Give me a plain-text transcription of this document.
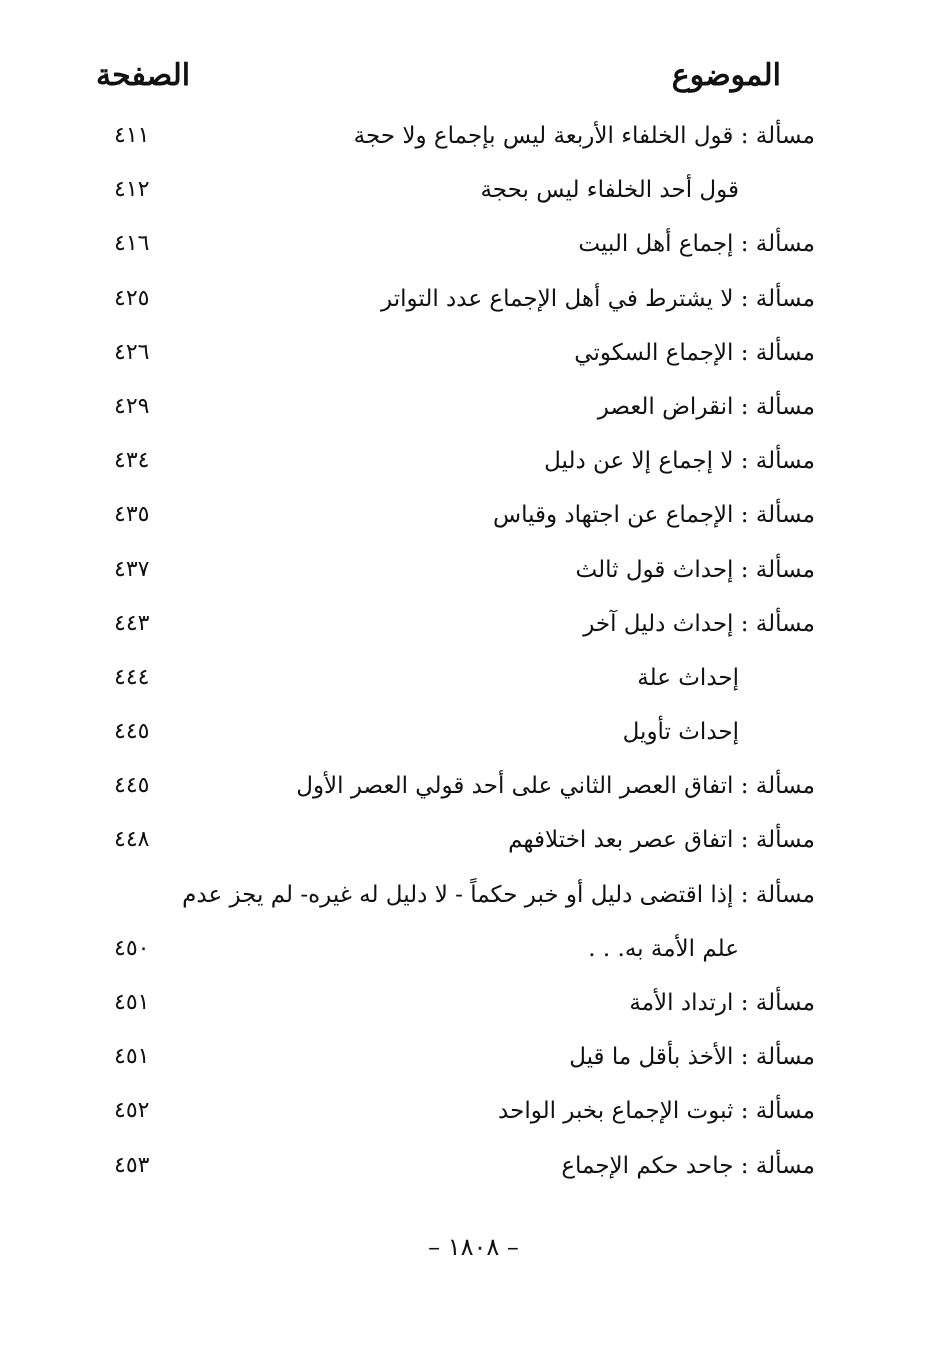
الموضوع
الصفحة
مسألة : قول الخلفاء الأربعة ليس بإجماع ولا حجة
٤١١
قول أحد الخلفاء ليس بحجة
٤١٢
مسألة : إجماع أهل البيت
٤١٦
مسألة : لا يشترط في أهل الإجماع عدد التواتر
٤٢٥
مسألة : الإجماع السكوتي
٤٢٦
مسألة : انقراض العصر
٤٢٩
مسألة : لا إجماع إلا عن دليل
٤٣٤
مسألة : الإجماع عن اجتهاد وقياس
٤٣٥
مسألة : إحداث قول ثالث
٤٣٧
مسألة : إحداث دليل آخر
٤٤٣
إحداث علة
٤٤٤
إحداث تأويل
٤٤٥
مسألة : اتفاق العصر الثاني على أحد قولي العصر الأول
٤٤٥
مسألة : اتفاق عصر بعد اختلافهم
٤٤٨
مسألة : إذا اقتضى دليل أو خبر حكماً - لا دليل له غيره- لم يجز عدم
علم الأمة به. . .
٤٥٠
مسألة : ارتداد الأمة
٤٥١
مسألة : الأخذ بأقل ما قيل
٤٥١
مسألة : ثبوت الإجماع بخبر الواحد
٤٥٢
مسألة : جاحد حكم الإجماع
٤٥٣
– ١٨٠٨ –
